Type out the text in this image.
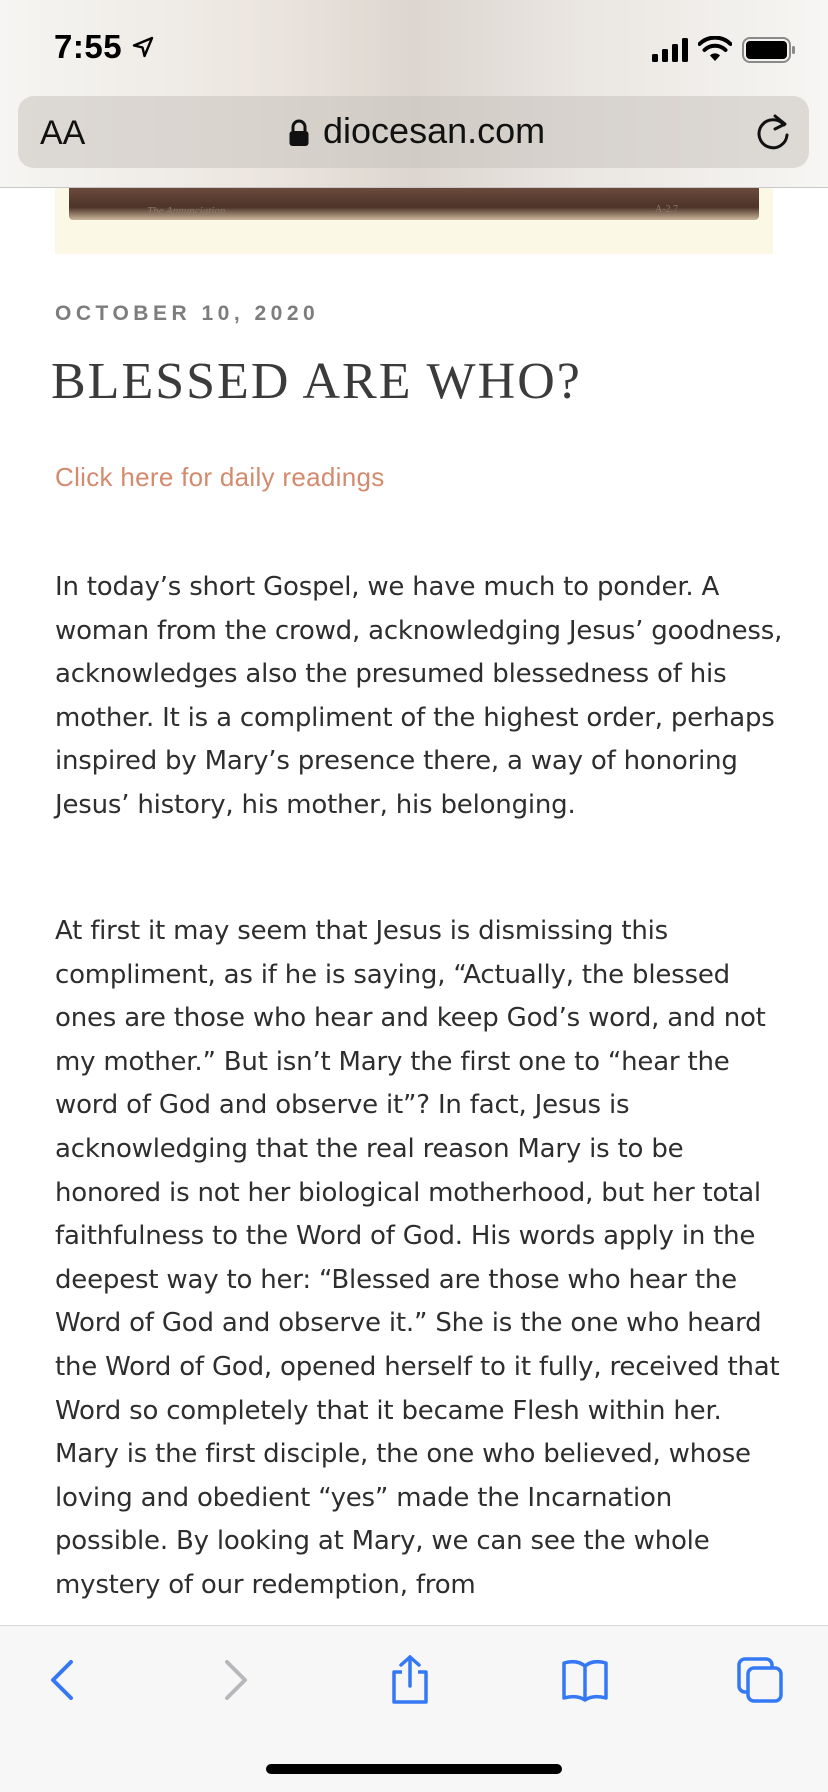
7:55
AA	diocesan.com
The Annunciation	A-2.7
OCTOBER 10, 2020
BLESSED ARE WHO?
Click here for daily readings

In today’s short Gospel, we have much to ponder. A woman from the crowd, acknowledging Jesus’ goodness, acknowledges also the presumed blessedness of his mother. It is a compliment of the highest order, perhaps inspired by Mary’s presence there, a way of honoring Jesus’ history, his mother, his belonging.

At first it may seem that Jesus is dismissing this compliment, as if he is saying, “Actually, the blessed ones are those who hear and keep God’s word, and not my mother.” But isn’t Mary the first one to “hear the word of God and observe it”? In fact, Jesus is acknowledging that the real reason Mary is to be honored is not her biological motherhood, but her total faithfulness to the Word of God. His words apply in the deepest way to her: “Blessed are those who hear the Word of God and observe it.” She is the one who heard the Word of God, opened herself to it fully, received that Word so completely that it became Flesh within her. Mary is the first disciple, the one who believed, whose loving and obedient “yes” made the Incarnation possible. By looking at Mary, we can see the whole mystery of our redemption, from
